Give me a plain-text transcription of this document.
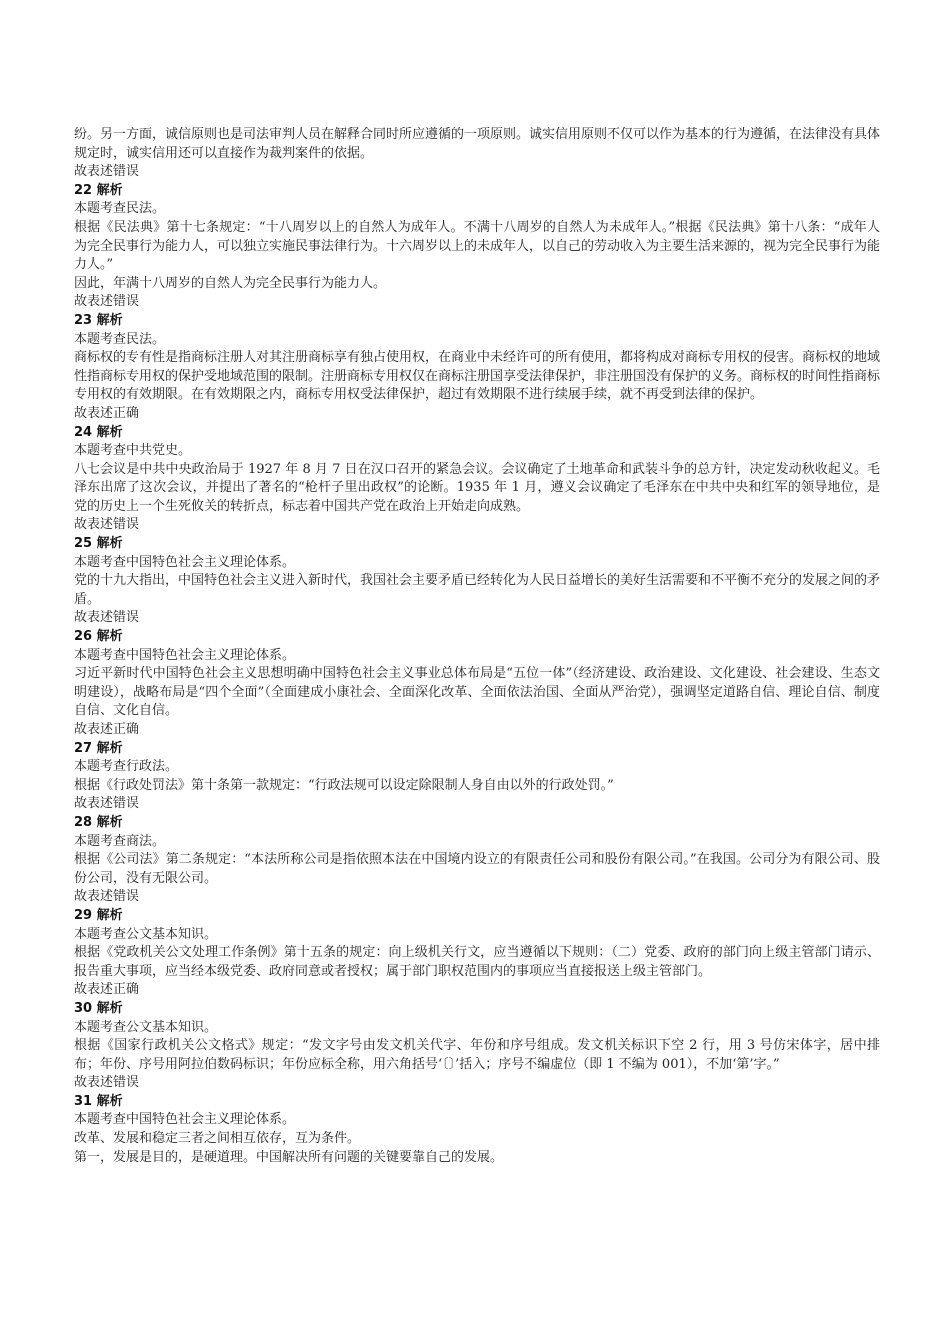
纷。另一方面，诚信原则也是司法审判人员在解释合同时所应遵循的一项原则。诚实信用原则不仅可以作为基本的行为遵循，在法律没有具体规定时，诚实信用还可以直接作为裁判案件的依据。

故表述错误

22 解析

本题考查民法。

根据《民法典》第十七条规定：“十八周岁以上的自然人为成年人。不满十八周岁的自然人为未成年人。”根据《民法典》第十八条：“成年人为完全民事行为能力人，可以独立实施民事法律行为。十六周岁以上的未成年人，以自己的劳动收入为主要生活来源的，视为完全民事行为能力人。”

因此，年满十八周岁的自然人为完全民事行为能力人。

故表述错误

23 解析

本题考查民法。

商标权的专有性是指商标注册人对其注册商标享有独占使用权，在商业中未经许可的所有使用，都将构成对商标专用权的侵害。商标权的地域性指商标专用权的保护受地域范围的限制。注册商标专用权仅在商标注册国享受法律保护，非注册国没有保护的义务。商标权的时间性指商标专用权的有效期限。在有效期限之内，商标专用权受法律保护，超过有效期限不进行续展手续，就不再受到法律的保护。

故表述正确

24 解析

本题考查中共党史。

八七会议是中共中央政治局于 1927 年 8 月 7 日在汉口召开的紧急会议。会议确定了土地革命和武装斗争的总方针，决定发动秋收起义。毛泽东出席了这次会议，并提出了著名的“枪杆子里出政权”的论断。1935 年 1 月，遵义会议确定了毛泽东在中共中央和红军的领导地位，是党的历史上一个生死攸关的转折点，标志着中国共产党在政治上开始走向成熟。

故表述错误

25 解析

本题考查中国特色社会主义理论体系。

党的十九大指出，中国特色社会主义进入新时代，我国社会主要矛盾已经转化为人民日益增长的美好生活需要和不平衡不充分的发展之间的矛盾。

故表述错误

26 解析

本题考查中国特色社会主义理论体系。

习近平新时代中国特色社会主义思想明确中国特色社会主义事业总体布局是“五位一体”（经济建设、政治建设、文化建设、社会建设、生态文明建设），战略布局是“四个全面”（全面建成小康社会、全面深化改革、全面依法治国、全面从严治党），强调坚定道路自信、理论自信、制度自信、文化自信。

故表述正确

27 解析

本题考查行政法。

根据《行政处罚法》第十条第一款规定：“行政法规可以设定除限制人身自由以外的行政处罚。”

故表述错误

28 解析

本题考查商法。

根据《公司法》第二条规定：“本法所称公司是指依照本法在中国境内设立的有限责任公司和股份有限公司。”在我国。公司分为有限公司、股份公司，没有无限公司。

故表述错误

29 解析

本题考查公文基本知识。

根据《党政机关公文处理工作条例》第十五条的规定：向上级机关行文，应当遵循以下规则：（二）党委、政府的部门向上级主管部门请示、报告重大事项，应当经本级党委、政府同意或者授权；属于部门职权范围内的事项应当直接报送上级主管部门。

故表述正确

30 解析

本题考查公文基本知识。

根据《国家行政机关公文格式》规定：“发文字号由发文机关代字、年份和序号组成。发文机关标识下空 2 行，用 3 号仿宋体字，居中排布；年份、序号用阿拉伯数码标识；年份应标全称，用六角括号‘〔〕’括入；序号不编虚位（即 1 不编为 001），不加‘第’字。”

故表述错误

31 解析

本题考查中国特色社会主义理论体系。

改革、发展和稳定三者之间相互依存，互为条件。

第一，发展是目的，是硬道理。中国解决所有问题的关键要靠自己的发展。
